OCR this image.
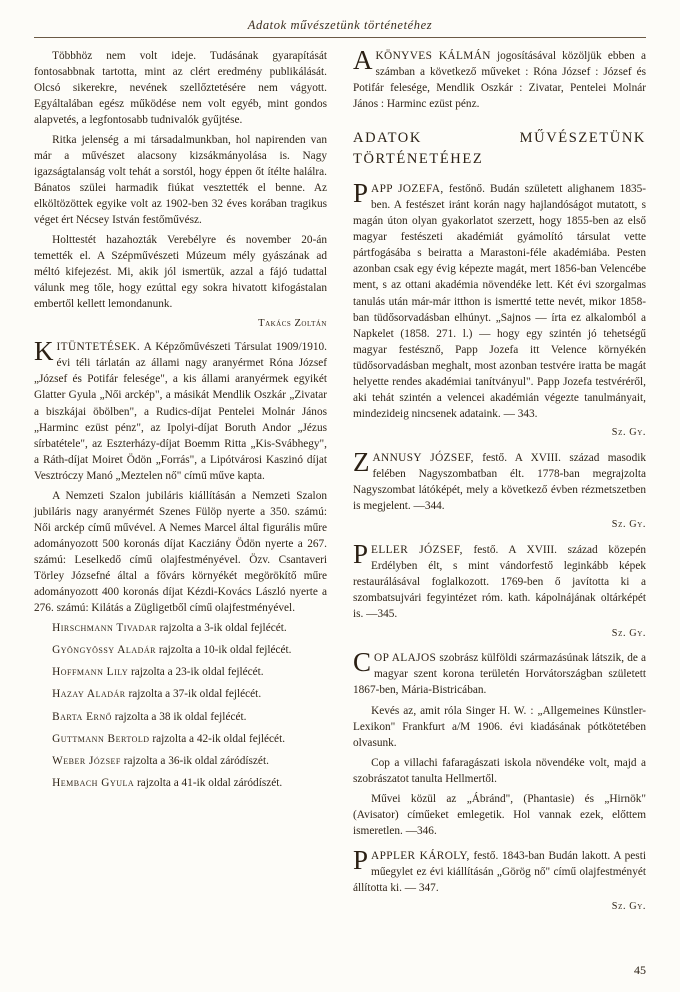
Adatok művészetünk történetéhez

Többhöz nem volt ideje. Tudásának gyarapítását fontosabbnak tartotta, mint az clért eredmény publikálását. Olcsó sikerekre, nevének szellőztetésére nem vágyott. Egyáltalában egész működése nem volt egyéb, mint gondos alapvetés, a legfontosabb tudnivalók gyűjtése.

Ritka jelenség a mi társadalmunkban, hol napirenden van már a művészet alacsony kizsákmányolása is. Nagy igazságtalanság volt tehát a sorstól, hogy éppen őt ítélte halálra. Bánatos szülei harmadik fiúkat vesztették el benne. Az elköltözöttek egyike volt az 1902-ben 32 éves korában tragikus véget ért Nécsey István festőművész.

Holttestét hazahozták Verebélyre és november 20-án temették el. A Szépművészeti Múzeum mély gyászának ad méltó kifejezést. Mi, akik jól ismertük, azzal a fájó tudattal válunk meg tőle, hogy ezúttal egy sokra hivatott kifogástalan embertől kellett lemondanunk.

Takács Zoltán

KITÜNTETÉSEK. A Képzőművészeti Társulat 1909/1910. évi téli tárlatán az állami nagy aranyérmet Róna József „József és Potifár felesége", a kis állami aranyérmek egyikét Glatter Gyula „Női arckép", a másikát Mendlik Oszkár „Zivatar a biszkájai öbölben", a Rudics-díjat Pentelei Molnár János „Harminc ezüst pénz", az Ipolyi-díjat Boruth Andor „Jézus sírbatétele", az Eszterházy-díjat Boemm Ritta „Kis-Svábhegy", a Ráth-díjat Moiret Ödön „Forrás", a Lipótvárosi Kaszinó díjat Vesztróczy Manó „Meztelen nő" című műve kapta.

A Nemzeti Szalon jubiláris kiállításán a Nemzeti Szalon jubiláris nagy aranyérmét Szenes Fülöp nyerte a 350. számú: Női arckép című művével. A Nemes Marcel által figurális műre adományozott 500 koronás díjat Kacziány Ödön nyerte a 267. számú: Leselkedő című olajfestményével. Özv. Csantaveri Törley Józsefné által a fővárs környékét megörökítő műre adományozott 400 koronás díjat Kézdi-Kovács László nyerte a 276. számú: Kilátás a Zügligetből című olajfestményével.

Hirschmann Tivadar rajzolta a 3-ik oldal fejlécét.

Gyöngyössy Aladár rajzolta a 10-ik oldal fejlécét.

Hoffmann Lily rajzolta a 23-ik oldal fejlécét.

Hazay Aladár rajzolta a 37-ik oldal fejlécét.

Barta Ernő rajzolta a 38 ik oldal fejlécét.

Guttmann Bertold rajzolta a 42-ik oldal fejlécét.

Weber József rajzolta a 36-ik oldal záródíszét.

Hembach Gyula rajzolta a 41-ik oldal záródíszét.

AKÖNYVES KÁLMÁN jogosításával közöljük ebben a számban a következő műveket : Róna József : József és Potifár felesége, Mendlik Oszkár : Zivatar, Pentelei Molnár János : Harminc ezüst pénz.

ADATOK MŰVÉSZETÜNK TÖRTÉNETÉHEZ

PAPP JOZEFA, festőnő. Budán született alighanem 1835-ben. A festészet iránt korán nagy hajlandóságot mutatott, s magán úton olyan gyakorlatot szerzett, hogy 1855-ben az első magyar festészeti akadémiát gyámolító társulat vette pártfogásába s beiratta a Marastoni-féle akadémiába. Pesten azonban csak egy évig képezte magát, mert 1856-ban Velencébe ment, s az ottani akadémia növendéke lett. Két évi szorgalmas tanulás után már-már itthon is ismertté tette nevét, mikor 1858-ban tüdősorvadásban elhúnyt. „Sajnos — írta ez alkalomból a Napkelet (1858. 271. l.) — hogy egy szintén jó tehetségű magyar festésznő, Papp Jozefa itt Velence környékén tüdősorvadásban meghalt, most azonban testvére iratta be magát helyette rendes akadémiai tanítványul". Papp Jozefa testvéréről, aki tehát szintén a velencei akadémián végezte tanulmányait, mindezideig nincsenek adataink. — 343.

Sz. Gy.

ZANNUSY JÓZSEF, festő. A XVIII. század masodik felében Nagyszombatban élt. 1778-ban megrajzolta Nagyszombat látóképét, mely a következő évben rézmetszetben is megjelent. —344.

Sz. Gy.

PELLER JÓZSEF, festő. A XVIII. század közepén Erdélyben élt, s mint vándorfestő leginkább képek restaurálásával foglalkozott. 1769-ben ő javította ki a szombatsujvári fegyintézet róm. kath. kápolnájának oltárképét is. —345.

Sz. Gy.

COP ALAJOS szobrász külföldi származásúnak látszik, de a magyar szent korona területén Horvátországban született 1867-ben, Mária-Bistricában.

Kevés az, amit róla Singer H. W. : „Allgemeines Künstler-Lexikon" Frankfurt a/M 1906. évi kiadásának pótkötetében olvasunk.

Cop a villachi fafaragászati iskola növendéke volt, majd a szobrászatot tanulta Hellmertől.

Művei közül az „Ábránd", (Phantasie) és „Hirnök" (Avisator) címűeket emlegetik. Hol vannak ezek, előttem ismeretlen. —346.

PAPPLER KÁROLY, festő. 1843-ban Budán lakott. A pesti műegylet ez évi kiállításán „Görög nő" című olajfestményét állította ki. — 347.

Sz. Gy.

45
